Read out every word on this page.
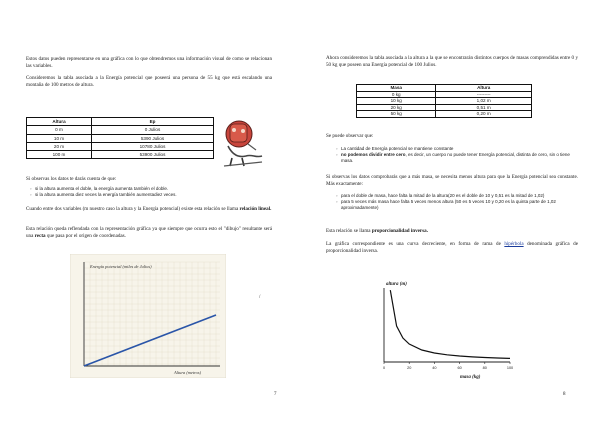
Estos datos pueden representarse en una gráfica con lo que obtendremos una información visual de como se relacionan las variables.

Consideremos la tabla asociada a la Energía potencial que poseerá una persona de 55 kg que está escalando una montaña de 100 metros de altura.

Altura	Ep
0 m	0 Julios
10 m	5390 Julios
20 m	10780 Julios
100 m	53900 Julios

Si observas los datos te darás cuenta de que:

▫ si la altura aumenta el doble, la energía aumenta también el doble.
▫ si la altura aumenta diez veces la energía también aumentadiez veces.

Cuando entre dos variables (m nuestro caso la altura y la Energía potencial) existe esta relación se llama relación lineal.

Esta relación queda reflendada con la representación gráfica ya que siempre que ocurra esto el "dibujo" resultante será una recta que pasa por el origen de coordenadas.

Energía potencial (miles de Julios)
Altura (metros)
/
7

Ahora consideremos la tabla asociada a la altura a la que se encontrarán distintos cuerpos de masas comprendidas entre 0 y 50 kg que poseen una Energía potencial de 100 Julios.

Masa	Altura
0 kg	---------
10 kg	1,02 m
20 kg	0,51 m
50 kg	0,20 m

Se puede observar que:

▫ La cantidad de Energía potencial se mantiene constante
▫ no podemos dividir entre cero, es decir, un cuerpo no puede tener Energía potencial, distinta de cero, sin o tiene masa.

Si observas los datos comprobarás que a más masa, se necesita menos altura para que la Energía potencial sea constante. Más exactamente:

▫ para el doble de masa, hace falta la mitad de la altura(20 es el doble de 10 y 0,51 es la mitad de 1,02)
▫ para 5 veces más masa hace falta 5 veces menos altura (50 es 5 veces 10 y 0,20 es la quinta parte de 1,02 aproximadamente)

Esta relación se llama proporcionalidad inversa.

La gráfica correspondiente es una curva decreciente, en forma de rama de hipérbola denominada gráfica de proporcionalidad inversa.

0	20	40	60	80	100
altura (m)
masa (kg)
8
